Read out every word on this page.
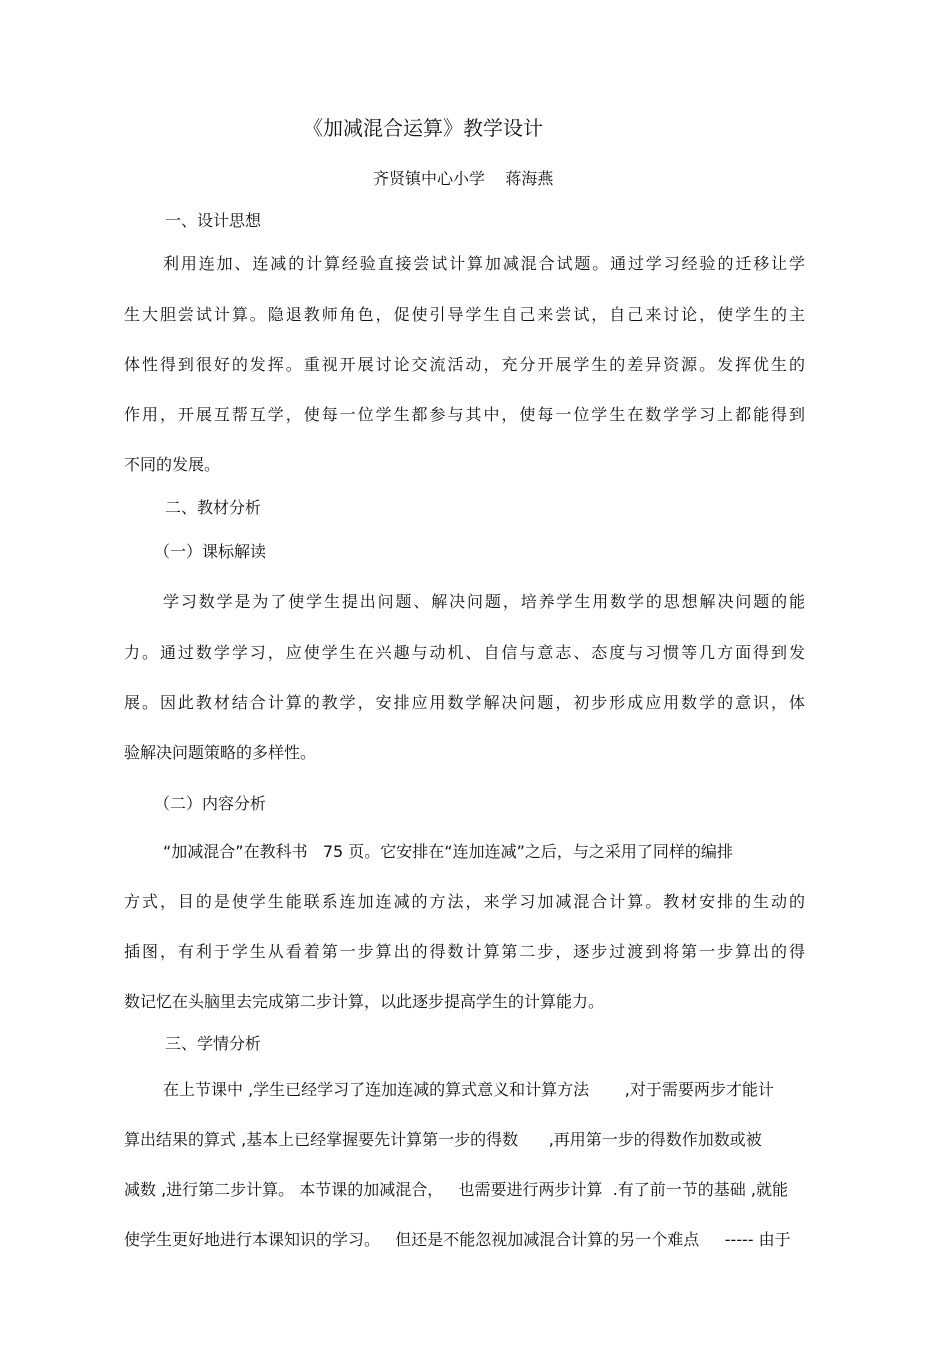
《加减混合运算》教学设计
齐贤镇中心小学    蒋海燕
一、设计思想
利用连加、连减的计算经验直接尝试计算加减混合试题。通过学习经验的迁移让学
生大胆尝试计算。隐退教师角色，促使引导学生自己来尝试，自己来讨论，使学生的主
体性得到很好的发挥。重视开展讨论交流活动，充分开展学生的差异资源。发挥优生的
作用，开展互帮互学，使每一位学生都参与其中，使每一位学生在数学学习上都能得到
不同的发展。
二、教材分析
（一）课标解读
学习数学是为了使学生提出问题、解决问题，培养学生用数学的思想解决问题的能
力。通过数学学习，应使学生在兴趣与动机、自信与意志、态度与习惯等几方面得到发
展。因此教材结合计算的教学，安排应用数学解决问题，初步形成应用数学的意识，体
验解决问题策略的多样性。
（二）内容分析
“加减混合”在教科书   75 页。它安排在“连加连减”之后，与之采用了同样的编排
方式，目的是使学生能联系连加连减的方法，来学习加减混合计算。教材安排的生动的
插图，有利于学生从看着第一步算出的得数计算第二步，逐步过渡到将第一步算出的得
数记忆在头脑里去完成第二步计算，以此逐步提高学生的计算能力。
三、学情分析
在上节课中 ,学生已经学习了连加连减的算式意义和计算方法       ,对于需要两步才能计
算出结果的算式 ,基本上已经掌握要先计算第一步的得数      ,再用第一步的得数作加数或被
减数 ,进行第二步计算。 本节课的加减混合，   也需要进行两步计算  .有了前一节的基础 ,就能
使学生更好地进行本课知识的学习。   但还是不能忽视加减混合计算的另一个难点     ----- 由于
